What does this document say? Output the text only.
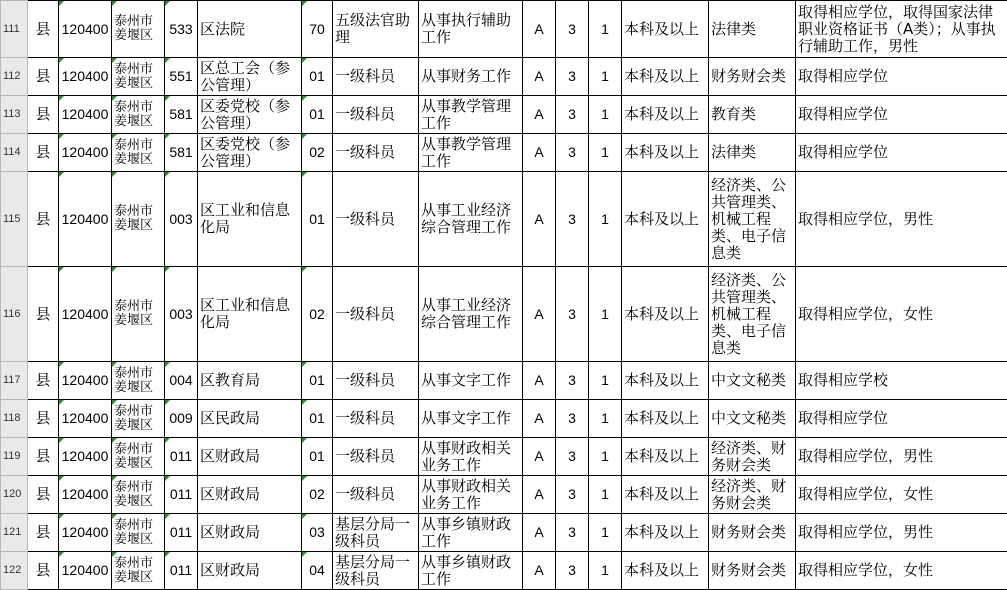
111	县	120400	泰州市姜堰区	533	区法院	70	五级法官助理	从事执行辅助工作	A	3	1	本科及以上	法律类	取得相应学位，取得国家法律职业资格证书（A类）；从事执行辅助工作，男性
112	县	120400	泰州市姜堰区	551	区总工会（参公管理）	01	一级科员	从事财务工作	A	3	1	本科及以上	财务财会类	取得相应学位
113	县	120400	泰州市姜堰区	581	区委党校（参公管理）	01	一级科员	从事教学管理工作	A	3	1	本科及以上	教育类	取得相应学位
114	县	120400	泰州市姜堰区	581	区委党校（参公管理）	02	一级科员	从事教学管理工作	A	3	1	本科及以上	法律类	取得相应学位
115	县	120400	泰州市姜堰区	003	区工业和信息化局	01	一级科员	从事工业经济综合管理工作	A	3	1	本科及以上	经济类、公共管理类、机械工程类、电子信息类	取得相应学位，男性
116	县	120400	泰州市姜堰区	003	区工业和信息化局	02	一级科员	从事工业经济综合管理工作	A	3	1	本科及以上	经济类、公共管理类、机械工程类、电子信息类	取得相应学位，女性
117	县	120400	泰州市姜堰区	004	区教育局	01	一级科员	从事文字工作	A	3	1	本科及以上	中文文秘类	取得相应学校
118	县	120400	泰州市姜堰区	009	区民政局	01	一级科员	从事文字工作	A	3	1	本科及以上	中文文秘类	取得相应学位
119	县	120400	泰州市姜堰区	011	区财政局	01	一级科员	从事财政相关业务工作	A	3	1	本科及以上	经济类、财务财会类	取得相应学位，男性
120	县	120400	泰州市姜堰区	011	区财政局	02	一级科员	从事财政相关业务工作	A	3	1	本科及以上	经济类、财务财会类	取得相应学位，女性
121	县	120400	泰州市姜堰区	011	区财政局	03	基层分局一级科员	从事乡镇财政工作	A	3	1	本科及以上	财务财会类	取得相应学位，男性
122	县	120400	泰州市姜堰区	011	区财政局	04	基层分局一级科员	从事乡镇财政工作	A	3	1	本科及以上	财务财会类	取得相应学位，女性
